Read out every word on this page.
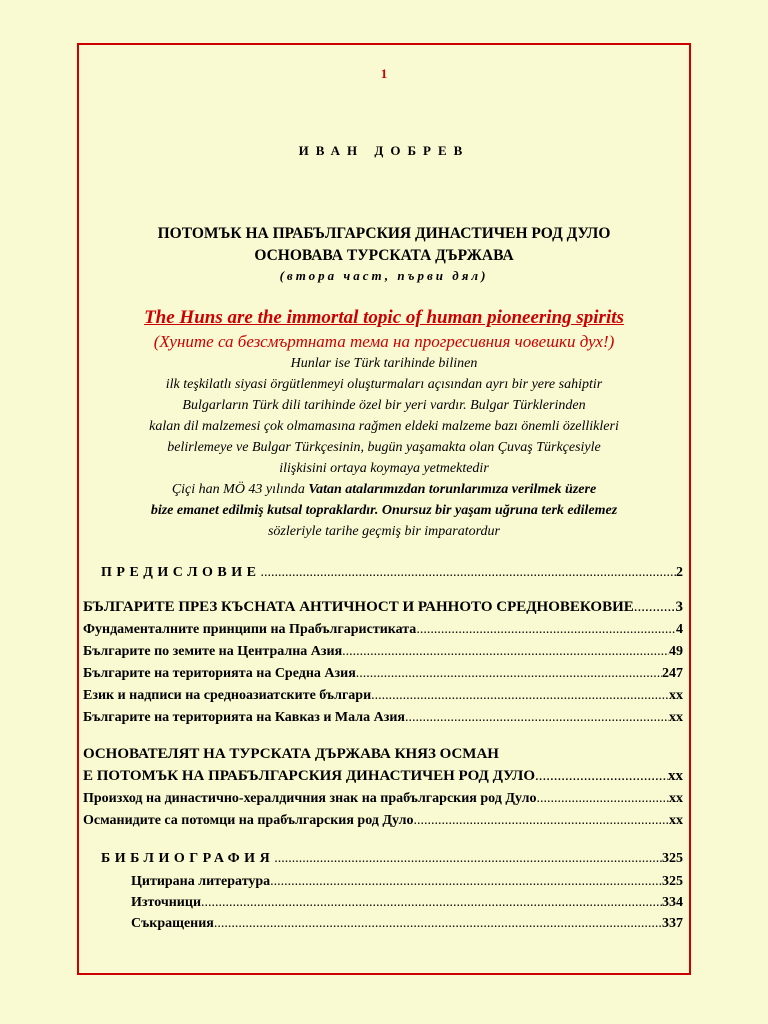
1
ИВАН ДОБРЕВ
ПОТОМЪК НА ПРАБЪЛГАРСКИЯ ДИНАСТИЧЕН РОД ДУЛО
ОСНОВАВА ТУРСКАТА ДЪРЖАВА
(втора част, първи дял)
The Huns are the immortal topic of human pioneering spirits
(Хуните са безсмъртната тема на прогресивния човешки дух!)
Hunlar ise Türk tarihinde bilinen
ilk teşkilatlı siyasi örgütlenmeyi oluşturmaları açısından ayrı bir yere sahiptir
Bulgarların Türk dili tarihinde özel bir yeri vardır. Bulgar Türklerinden
kalan dil malzemesi çok olmamasına rağmen eldeki malzeme bazı önemli özellikleri
belirlemeye ve Bulgar Türkçesinin, bugün yaşamakta olan Çuvaş Türkçesiyle
ilişkisini ortaya koymaya yetmektedir
Çiçi han MÖ 43 yılında Vatan atalarımızdan torunlarımıza verilmek üzere
bize emanet edilmiş kutsal topraklardır. Onursuz bir yaşam uğruna terk edilemez
sözleriyle tarihe geçmiş bir imparatordur
ПРЕДИСЛОВИЕ .....	2
БЪЛГАРИТЕ ПРЕЗ КЪСНАТА АНТИЧНОСТ И РАННОТО СРЕДНОВЕКОВИЕ .....	3
Фундаменталните принципи на Прабългаристиката .....	4
Българите по земите на Централна Азия .....	49
Българите на територията на Средна Азия .....	247
Език и надписи на средноазиатските българи .....	xx
Българите на територията на Кавказ и Мала Азия .....	xx
ОСНОВАТЕЛЯТ НА ТУРСКАТА ДЪРЖАВА КНЯЗ ОСМАН
Е ПОТОМЪК НА ПРАБЪЛГАРСКИЯ ДИНАСТИЧЕН РОД ДУЛО .....	xx
Произход на династично-хералдичния знак на прабългарския род Дуло .....	xx
Османидите са потомци на прабългарския род Дуло .....	xx
БИБЛИОГРАФИЯ .....	325
Цитирана литература .....	325
Източници .....	334
Съкращения .....	337
